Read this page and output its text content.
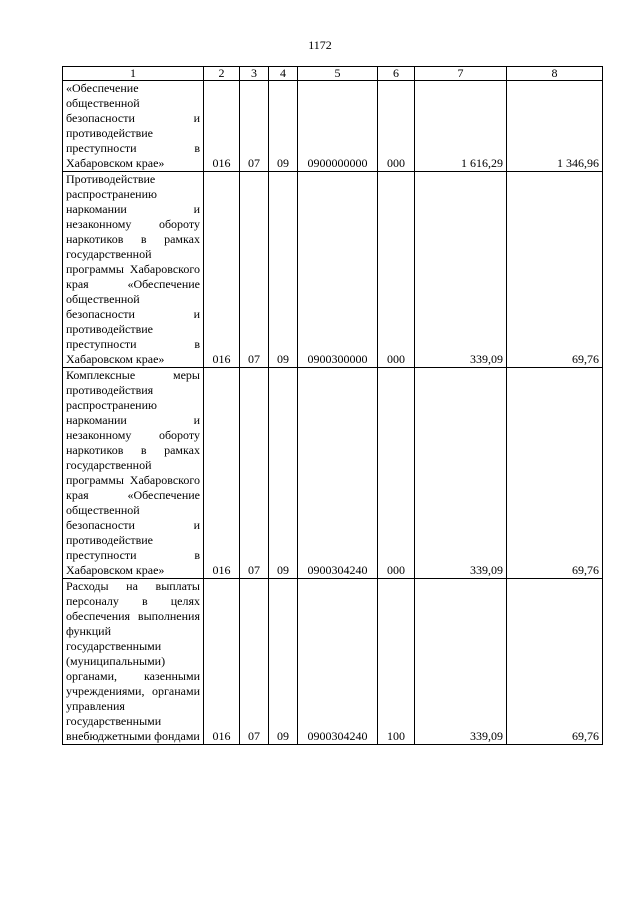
1172
1	2	3	4	5	6	7	8
«Обеспечение общественной безопасности и противодействие преступности в Хабаровском крае»	016	07	09	0900000000	000	1 616,29	1 346,96
Противодействие распространению наркомании и незаконному обороту наркотиков в рамках государственной программы Хабаровского края «Обеспечение общественной безопасности и противодействие преступности в Хабаровском крае»	016	07	09	0900300000	000	339,09	69,76
Комплексные меры противодействия распространению наркомании и незаконному обороту наркотиков в рамках государственной программы Хабаровского края «Обеспечение общественной безопасности и противодействие преступности в Хабаровском крае»	016	07	09	0900304240	000	339,09	69,76
Расходы на выплаты персоналу в целях обеспечения выполнения функций государственными (муниципальными) органами, казенными учреждениями, органами управления государственными внебюджетными фондами	016	07	09	0900304240	100	339,09	69,76
